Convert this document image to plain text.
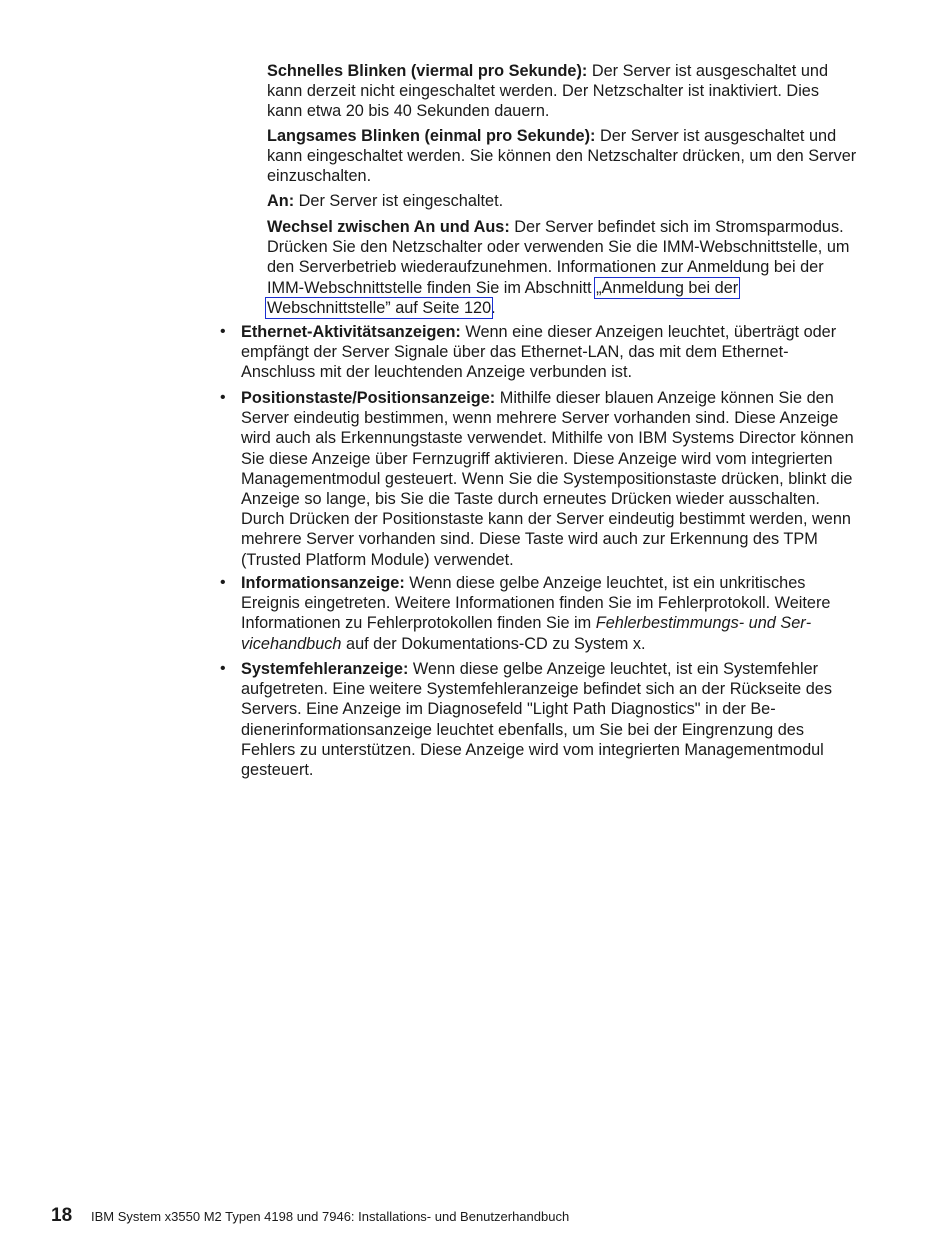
Schnelles Blinken (viermal pro Sekunde): Der Server ist ausgeschaltet und kann derzeit nicht eingeschaltet werden. Der Netzschalter ist inaktiviert. Dies kann etwa 20 bis 40 Sekunden dauern.

Langsames Blinken (einmal pro Sekunde): Der Server ist ausgeschaltet und kann eingeschaltet werden. Sie können den Netzschalter drücken, um den Server einzuschalten.

An: Der Server ist eingeschaltet.

Wechsel zwischen An und Aus: Der Server befindet sich im Stromsparmodus. Drücken Sie den Netzschalter oder verwenden Sie die IMM-Webschnittstelle, um den Serverbetrieb wiederaufzunehmen. Informationen zur Anmeldung bei der IMM-Webschnittstelle finden Sie im Abschnitt „Anmeldung bei der Webschnittstelle” auf Seite 120.

• Ethernet-Aktivitätsanzeigen: Wenn eine dieser Anzeigen leuchtet, überträgt oder empfängt der Server Signale über das Ethernet-LAN, das mit dem Ethernet-Anschluss mit der leuchtenden Anzeige verbunden ist.

• Positionstaste/Positionsanzeige: Mithilfe dieser blauen Anzeige können Sie den Server eindeutig bestimmen, wenn mehrere Server vorhanden sind. Diese Anzeige wird auch als Erkennungstaste verwendet. Mithilfe von IBM Systems Director können Sie diese Anzeige über Fernzugriff aktivieren. Diese Anzeige wird vom integrierten Managementmodul gesteuert. Wenn Sie die Systempositionstaste drücken, blinkt die Anzeige so lange, bis Sie die Taste durch erneutes Drücken wieder ausschalten. Durch Drücken der Positionstaste kann der Server eindeutig bestimmt werden, wenn mehrere Server vorhanden sind. Diese Taste wird auch zur Erkennung des TPM (Trusted Platform Module) verwendet.

• Informationsanzeige: Wenn diese gelbe Anzeige leuchtet, ist ein unkritisches Ereignis eingetreten. Weitere Informationen finden Sie im Fehlerprotokoll. Weitere Informationen zu Fehlerprotokollen finden Sie im Fehlerbestimmungs- und Servicehandbuch auf der Dokumentations-CD zu System x.

• Systemfehleranzeige: Wenn diese gelbe Anzeige leuchtet, ist ein Systemfehler aufgetreten. Eine weitere Systemfehleranzeige befindet sich an der Rückseite des Servers. Eine Anzeige im Diagnosefeld "Light Path Diagnostics" in der Bedienerinformationsanzeige leuchtet ebenfalls, um Sie bei der Eingrenzung des Fehlers zu unterstützen. Diese Anzeige wird vom integrierten Managementmodul gesteuert.

18 IBM System x3550 M2 Typen 4198 und 7946: Installations- und Benutzerhandbuch
